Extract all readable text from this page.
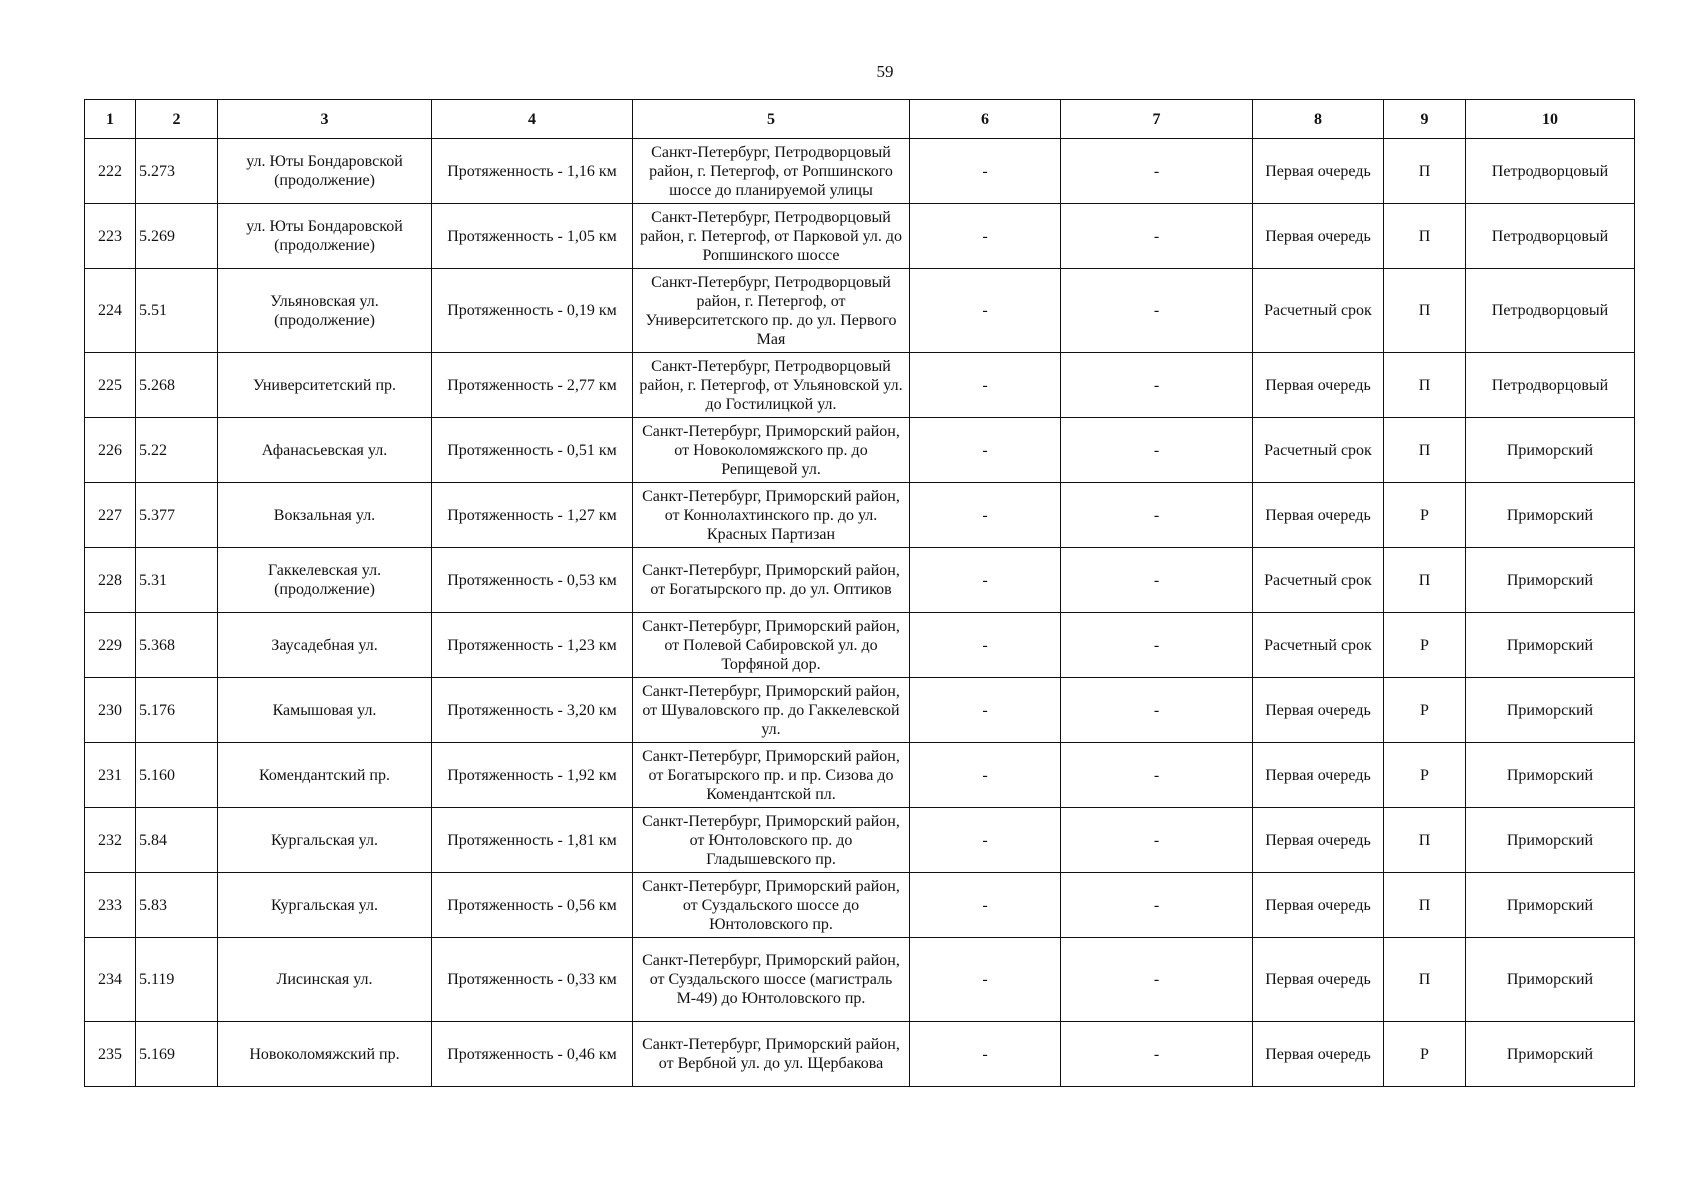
59
1	2	3	4	5	6	7	8	9	10
222	5.273	ул. Юты Бондаровской (продолжение)	Протяженность - 1,16 км	Санкт-Петербург, Петродворцовый район, г. Петергоф, от Ропшинского шоссе до планируемой улицы	-	-	Первая очередь	П	Петродворцовый
223	5.269	ул. Юты Бондаровской (продолжение)	Протяженность - 1,05 км	Санкт-Петербург, Петродворцовый район, г. Петергоф, от Парковой ул. до Ропшинского шоссе	-	-	Первая очередь	П	Петродворцовый
224	5.51	Ульяновская ул. (продолжение)	Протяженность - 0,19 км	Санкт-Петербург, Петродворцовый район, г. Петергоф, от Университетского пр. до ул. Первого Мая	-	-	Расчетный срок	П	Петродворцовый
225	5.268	Университетский пр.	Протяженность - 2,77 км	Санкт-Петербург, Петродворцовый район, г. Петергоф, от Ульяновской ул. до Гостилицкой ул.	-	-	Первая очередь	П	Петродворцовый
226	5.22	Афанасьевская ул.	Протяженность - 0,51 км	Санкт-Петербург, Приморский район, от Новоколомяжского пр. до Репищевой ул.	-	-	Расчетный срок	П	Приморский
227	5.377	Вокзальная ул.	Протяженность - 1,27 км	Санкт-Петербург, Приморский район, от Коннолахтинского пр. до ул. Красных Партизан	-	-	Первая очередь	Р	Приморский
228	5.31	Гаккелевская ул. (продолжение)	Протяженность - 0,53 км	Санкт-Петербург, Приморский район, от Богатырского пр. до ул. Оптиков	-	-	Расчетный срок	П	Приморский
229	5.368	Заусадебная ул.	Протяженность - 1,23 км	Санкт-Петербург, Приморский район, от Полевой Сабировской ул. до Торфяной дор.	-	-	Расчетный срок	Р	Приморский
230	5.176	Камышовая ул.	Протяженность - 3,20 км	Санкт-Петербург, Приморский район, от Шуваловского пр. до Гаккелевской ул.	-	-	Первая очередь	Р	Приморский
231	5.160	Комендантский пр.	Протяженность - 1,92 км	Санкт-Петербург, Приморский район, от Богатырского пр. и пр. Сизова до Комендантской пл.	-	-	Первая очередь	Р	Приморский
232	5.84	Кургальская ул.	Протяженность - 1,81 км	Санкт-Петербург, Приморский район, от Юнтоловского пр. до Гладышевского пр.	-	-	Первая очередь	П	Приморский
233	5.83	Кургальская ул.	Протяженность - 0,56 км	Санкт-Петербург, Приморский район, от Суздальского шоссе до Юнтоловского пр.	-	-	Первая очередь	П	Приморский
234	5.119	Лисинская ул.	Протяженность - 0,33 км	Санкт-Петербург, Приморский район, от Суздальского шоссе (магистраль М-49) до Юнтоловского пр.	-	-	Первая очередь	П	Приморский
235	5.169	Новоколомяжский пр.	Протяженность - 0,46 км	Санкт-Петербург, Приморский район, от Вербной ул. до ул. Щербакова	-	-	Первая очередь	Р	Приморский
